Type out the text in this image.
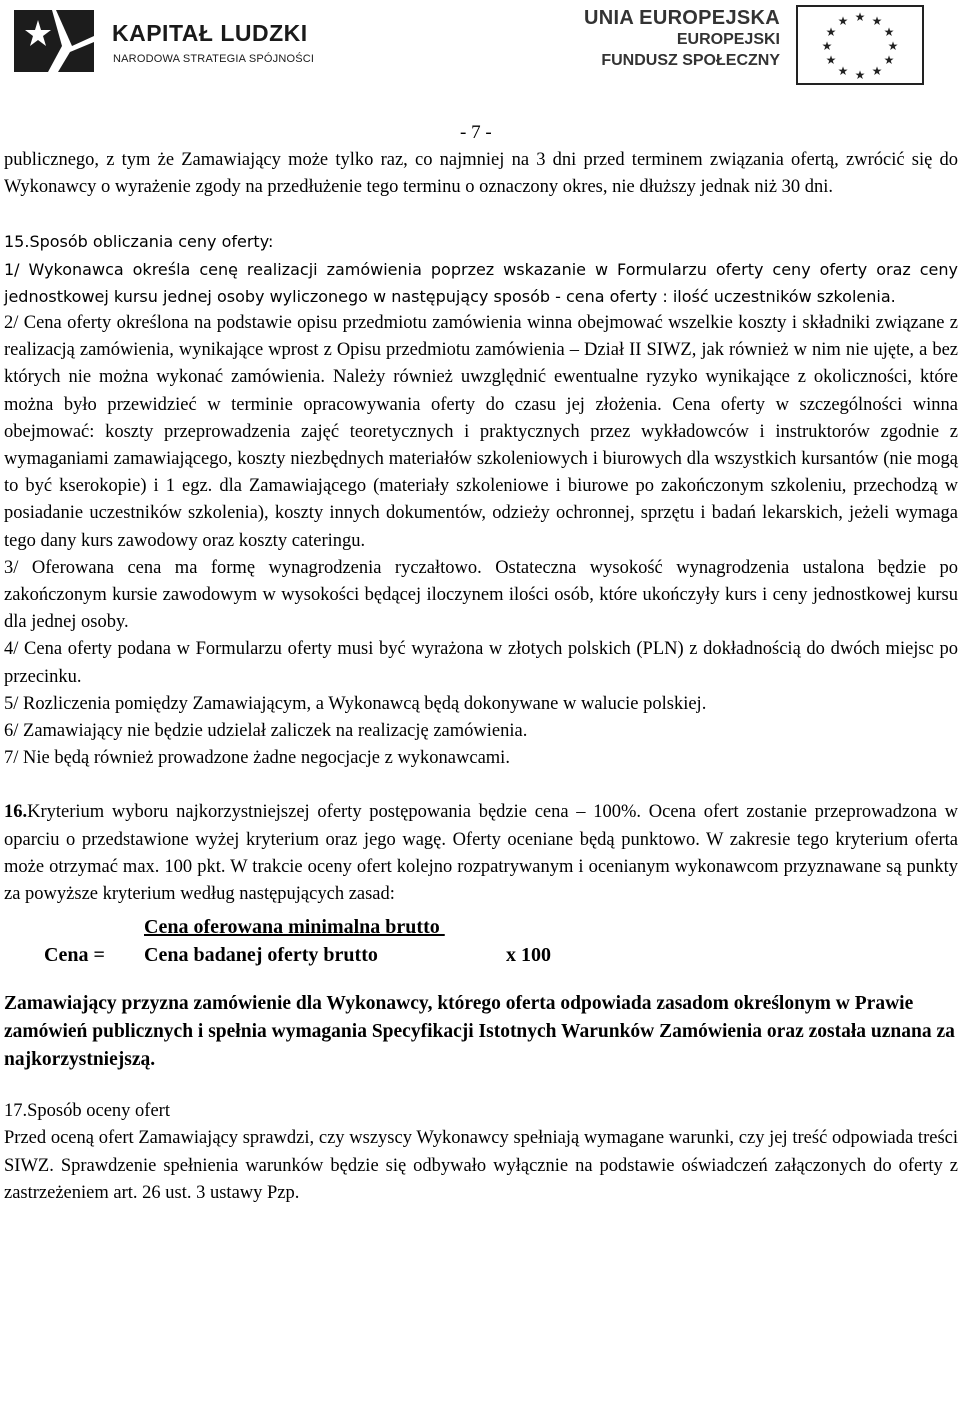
KAPITAŁ LUDZKI
NARODOWA STRATEGIA SPÓJNOŚCI
UNIA EUROPEJSKA
EUROPEJSKI
FUNDUSZ SPOŁECZNY
★ ★
★
★
★
★
★
★
★
★
★
★
- 7 -

publicznego, z tym że Zamawiający może tylko raz, co najmniej na 3 dni przed terminem związania ofertą, zwrócić się do Wykonawcy o wyrażenie zgody na przedłużenie tego terminu o oznaczony okres, nie dłuższy jednak niż 30 dni.

15.Sposób obliczania ceny oferty:

1/ Wykonawca określa cenę realizacji zamówienia poprzez wskazanie w Formularzu oferty ceny oferty oraz ceny jednostkowej kursu jednej osoby wyliczonego w następujący sposób - cena oferty : ilość uczestników szkolenia.

2/ Cena oferty określona na podstawie opisu przedmiotu zamówienia winna obejmować wszelkie koszty i składniki związane z realizacją zamówienia, wynikające wprost z Opisu przedmiotu zamówienia – Dział II SIWZ, jak również w nim nie ujęte, a bez których nie można wykonać zamówienia. Należy również uwzględnić ewentualne ryzyko wynikające z okoliczności, które można było przewidzieć w terminie opracowywania oferty do czasu jej złożenia. Cena oferty w szczególności winna obejmować: koszty przeprowadzenia zajęć teoretycznych i praktycznych przez wykładowców i instruktorów zgodnie z wymaganiami zamawiającego, koszty niezbędnych materiałów szkoleniowych i biurowych dla wszystkich kursantów (nie mogą to być kserokopie) i 1 egz. dla Zamawiającego (materiały szkoleniowe i biurowe po zakończonym szkoleniu, przechodzą w posiadanie uczestników szkolenia), koszty innych dokumentów, odzieży ochronnej, sprzętu i badań lekarskich, jeżeli wymaga tego dany kurs zawodowy oraz koszty cateringu.

3/ Oferowana cena ma formę wynagrodzenia ryczałtowo. Ostateczna wysokość wynagrodzenia ustalona będzie po zakończonym kursie zawodowym w wysokości będącej iloczynem ilości osób, które ukończyły kurs i ceny jednostkowej kursu dla jednej osoby.

4/ Cena oferty podana w Formularzu oferty musi być wyrażona w złotych polskich (PLN) z dokładnością do dwóch miejsc po przecinku.

5/ Rozliczenia pomiędzy Zamawiającym, a Wykonawcą będą dokonywane w walucie polskiej.

6/ Zamawiający nie będzie udzielał zaliczek na realizację zamówienia.

7/ Nie będą również prowadzone żadne negocjacje z wykonawcami.

16.Kryterium wyboru najkorzystniejszej oferty postępowania będzie cena – 100%. Ocena ofert zostanie przeprowadzona w oparciu o przedstawione wyżej kryterium oraz jego wagę. Oferty oceniane będą punktowo. W zakresie tego kryterium oferta może otrzymać max. 100 pkt. W trakcie oceny ofert kolejno rozpatrywanym i ocenianym wykonawcom przyznawane są punkty za powyższe kryterium według następujących zasad:

Cena oferowana minimalna brutto
Cena = Cena badanej oferty brutto	x 100

Zamawiający przyzna zamówienie dla Wykonawcy, którego oferta odpowiada zasadom określonym w Prawie zamówień publicznych i spełnia wymagania Specyfikacji Istotnych Warunków Zamówienia oraz została uznana za najkorzystniejszą.

17.Sposób oceny ofert

Przed oceną ofert Zamawiający sprawdzi, czy wszyscy Wykonawcy spełniają wymagane warunki, czy jej treść odpowiada treści SIWZ. Sprawdzenie spełnienia warunków będzie się odbywało wyłącznie na podstawie oświadczeń załączonych do oferty z zastrzeżeniem art. 26 ust. 3 ustawy Pzp.
